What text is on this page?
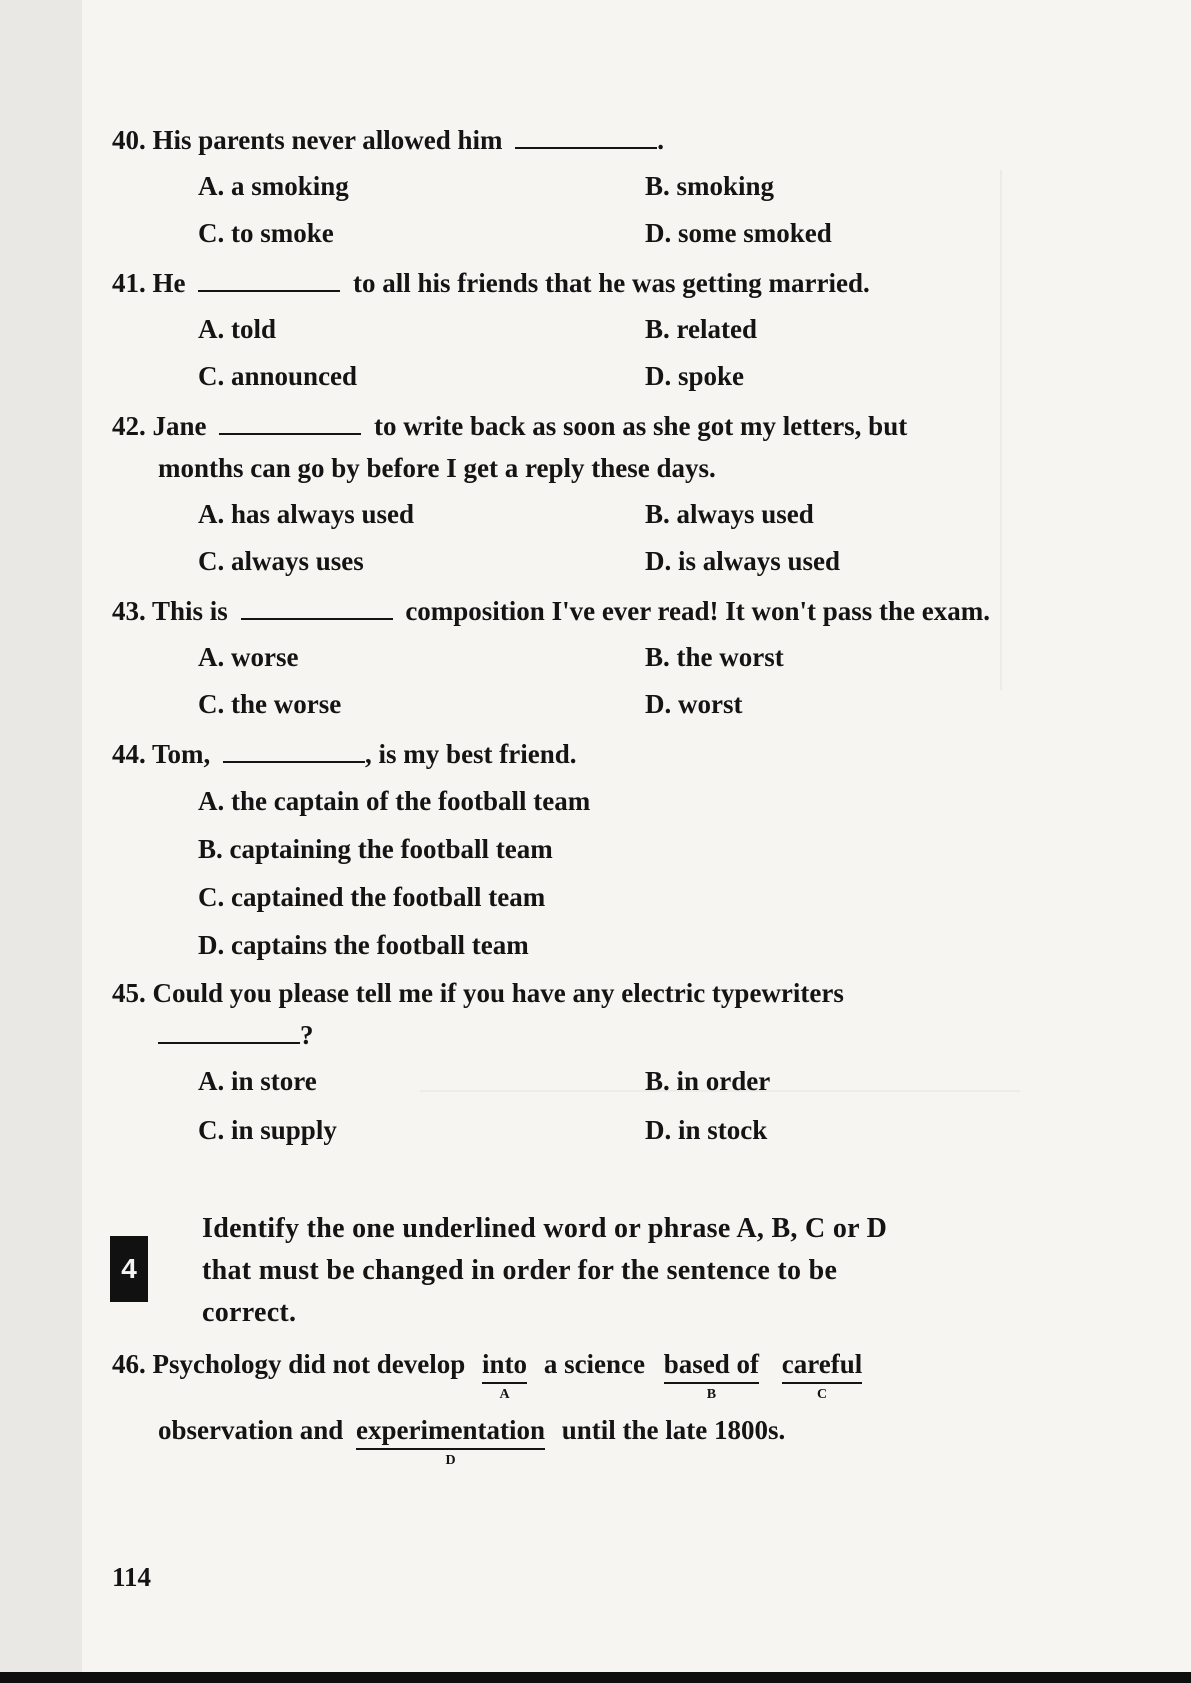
40. His parents never allowed him	.
A. a smoking	B. smoking
C. to smoke	D. some smoked
41. He	to all his friends that he was getting married.
A. told	B. related
C. announced	D. spoke
42. Jane	to write back as soon as she got my letters, but
months can go by before I get a reply these days.
A. has always used	B. always used
C. always uses	D. is always used
43. This is	composition I've ever read! It won't pass the exam.
A. worse	B. the worst
C. the worse	D. worst
44. Tom,	, is my best friend.
A. the captain of the football team
B. captaining the football team
C. captained the football team
D. captains the football team
45. Could you please tell me if you have any electric typewriters
?
A. in store	B. in order
C. in supply	D. in stock
4
Identify the one underlined word or phrase A, B, C or D
that must be changed in order for the sentence to be
correct.
46. Psychology did not develop into
A
a science based of
B
careful
C
observation and experimentation
D
until the late 1800s.
114
